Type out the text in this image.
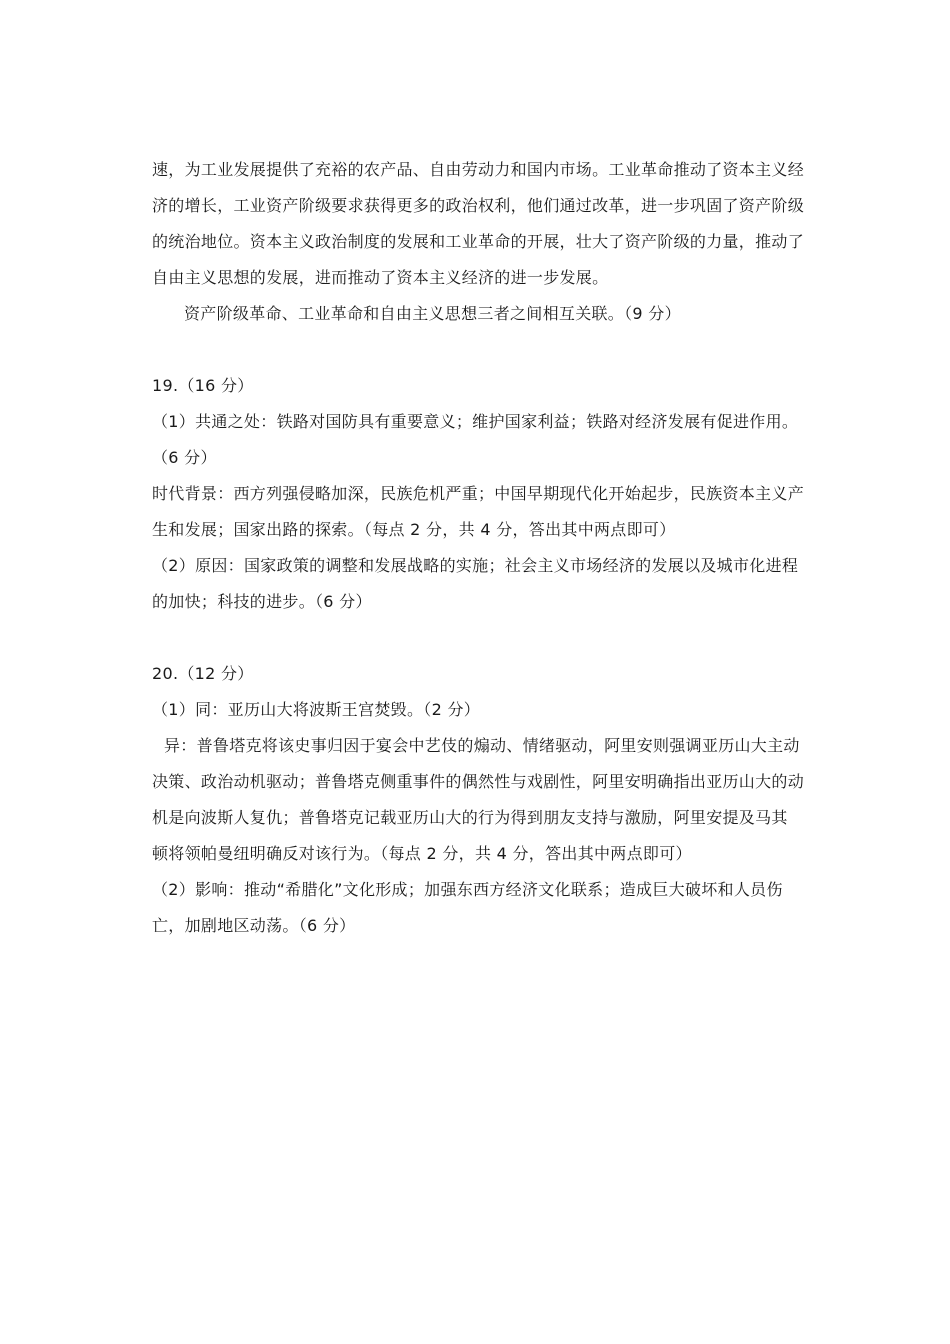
速，为工业发展提供了充裕的农产品、自由劳动力和国内市场。工业革命推动了资本主义经
济的增长，工业资产阶级要求获得更多的政治权利，他们通过改革，进一步巩固了资产阶级
的统治地位。资本主义政治制度的发展和工业革命的开展，壮大了资产阶级的力量，推动了
自由主义思想的发展，进而推动了资本主义经济的进一步发展。
资产阶级革命、工业革命和自由主义思想三者之间相互关联。（9 分）
19.（16 分）
（1）共通之处：铁路对国防具有重要意义；维护国家利益；铁路对经济发展有促进作用。
（6 分）
时代背景：西方列强侵略加深，民族危机严重；中国早期现代化开始起步，民族资本主义产
生和发展；国家出路的探索。（每点 2 分，共 4 分，答出其中两点即可）
（2）原因：国家政策的调整和发展战略的实施；社会主义市场经济的发展以及城市化进程
的加快；科技的进步。（6 分）
20.（12 分）
（1）同：亚历山大将波斯王宫焚毁。（2 分）
异：普鲁塔克将该史事归因于宴会中艺伎的煽动、情绪驱动，阿里安则强调亚历山大主动
决策、政治动机驱动；普鲁塔克侧重事件的偶然性与戏剧性，阿里安明确指出亚历山大的动
机是向波斯人复仇；普鲁塔克记载亚历山大的行为得到朋友支持与激励，阿里安提及马其
顿将领帕曼纽明确反对该行为。（每点 2 分，共 4 分，答出其中两点即可）
（2）影响：推动“希腊化”文化形成；加强东西方经济文化联系；造成巨大破坏和人员伤
亡，加剧地区动荡。（6 分）
